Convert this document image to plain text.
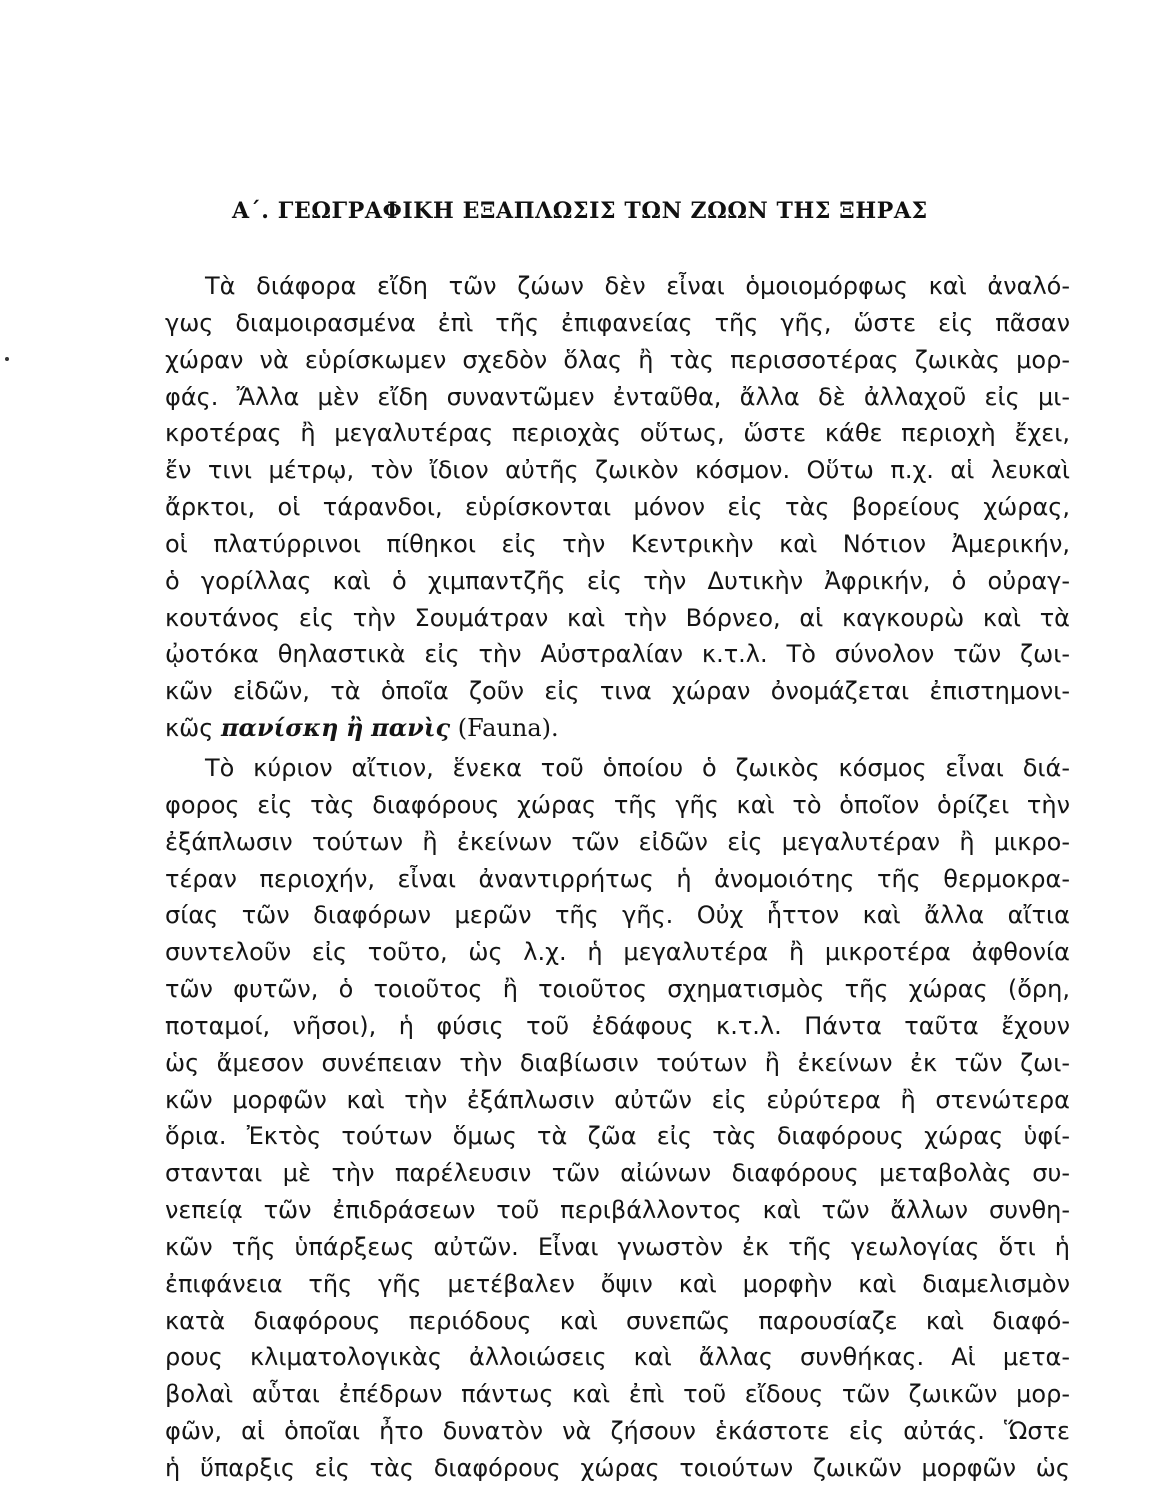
Α΄. ΓΕΩΓΡΑΦΙΚΗ ΕΞΑΠΛΩΣΙΣ ΤΩΝ ΖΩΩΝ ΤΗΣ ΞΗΡΑΣ
Τὰ διάφορα εἴδη τῶν ζώων δὲν εἶναι ὁμοιομόρφως καὶ ἀναλό-
γως διαμοιρασμένα ἐπὶ τῆς ἐπιφανείας τῆς γῆς, ὥστε εἰς πᾶσαν
χώραν νὰ εὑρίσκωμεν σχεδὸν ὅλας ἢ τὰς περισσοτέρας ζωικὰς μορ-
φάς. Ἄλλα μὲν εἴδη συναντῶμεν ἐνταῦθα, ἄλλα δὲ ἀλλαχοῦ εἰς μι-
κροτέρας ἢ μεγαλυτέρας περιοχὰς οὕτως, ὥστε κάθε περιοχὴ ἔχει,
ἔν τινι μέτρῳ, τὸν ἴδιον αὐτῆς ζωικὸν κόσμον. Οὕτω π.χ. αἱ λευκαὶ
ἄρκτοι, οἱ τάρανδοι, εὑρίσκονται μόνον εἰς τὰς βορείους χώρας,
οἱ πλατύρρινοι πίθηκοι εἰς τὴν Κεντρικὴν καὶ Νότιον Ἀμερικήν,
ὁ γορίλλας καὶ ὁ χιμπαντζῆς εἰς τὴν Δυτικὴν Ἀφρικήν, ὁ οὐραγ-
κουτάνος εἰς τὴν Σουμάτραν καὶ τὴν Βόρνεο, αἱ καγκουρὼ καὶ τὰ
ᾠοτόκα θηλαστικὰ εἰς τὴν Αὐστραλίαν κ.τ.λ. Τὸ σύνολον τῶν ζωι-
κῶν εἰδῶν, τὰ ὁποῖα ζοῦν εἰς τινα χώραν ὀνομάζεται ἐπιστημονι-
κῶς πανίσκη ἢ πανὶς (Fauna).
Τὸ κύριον αἴτιον, ἕνεκα τοῦ ὁποίου ὁ ζωικὸς κόσμος εἶναι διά-
φορος εἰς τὰς διαφόρους χώρας τῆς γῆς καὶ τὸ ὁποῖον ὁρίζει τὴν
ἐξάπλωσιν τούτων ἢ ἐκείνων τῶν εἰδῶν εἰς μεγαλυτέραν ἢ μικρο-
τέραν περιοχήν, εἶναι ἀναντιρρήτως ἡ ἀνομοιότης τῆς θερμοκρα-
σίας τῶν διαφόρων μερῶν τῆς γῆς. Οὐχ ἧττον καὶ ἄλλα αἴτια
συντελοῦν εἰς τοῦτο, ὡς λ.χ. ἡ μεγαλυτέρα ἢ μικροτέρα ἀφθονία
τῶν φυτῶν, ὁ τοιοῦτος ἢ τοιοῦτος σχηματισμὸς τῆς χώρας (ὄρη,
ποταμοί, νῆσοι), ἡ φύσις τοῦ ἐδάφους κ.τ.λ. Πάντα ταῦτα ἔχουν
ὡς ἄμεσον συνέπειαν τὴν διαβίωσιν τούτων ἢ ἐκείνων ἐκ τῶν ζωι-
κῶν μορφῶν καὶ τὴν ἐξάπλωσιν αὐτῶν εἰς εὐρύτερα ἢ στενώτερα
ὅρια. Ἐκτὸς τούτων ὅμως τὰ ζῶα εἰς τὰς διαφόρους χώρας ὑφί-
στανται μὲ τὴν παρέλευσιν τῶν αἰώνων διαφόρους μεταβολὰς συ-
νεπείᾳ τῶν ἐπιδράσεων τοῦ περιβάλλοντος καὶ τῶν ἄλλων συνθη-
κῶν τῆς ὑπάρξεως αὐτῶν. Εἶναι γνωστὸν ἐκ τῆς γεωλογίας ὅτι ἡ
ἐπιφάνεια τῆς γῆς μετέβαλεν ὄψιν καὶ μορφὴν καὶ διαμελισμὸν
κατὰ διαφόρους περιόδους καὶ συνεπῶς παρουσίαζε καὶ διαφό-
ρους κλιματολογικὰς ἀλλοιώσεις καὶ ἄλλας συνθήκας. Αἱ μετα-
βολαὶ αὗται ἐπέδρων πάντως καὶ ἐπὶ τοῦ εἴδους τῶν ζωικῶν μορ-
φῶν, αἱ ὁποῖαι ἦτο δυνατὸν νὰ ζήσουν ἑκάστοτε εἰς αὐτάς. Ὥστε
ἡ ὕπαρξις εἰς τὰς διαφόρους χώρας τοιούτων ζωικῶν μορφῶν ὡς
